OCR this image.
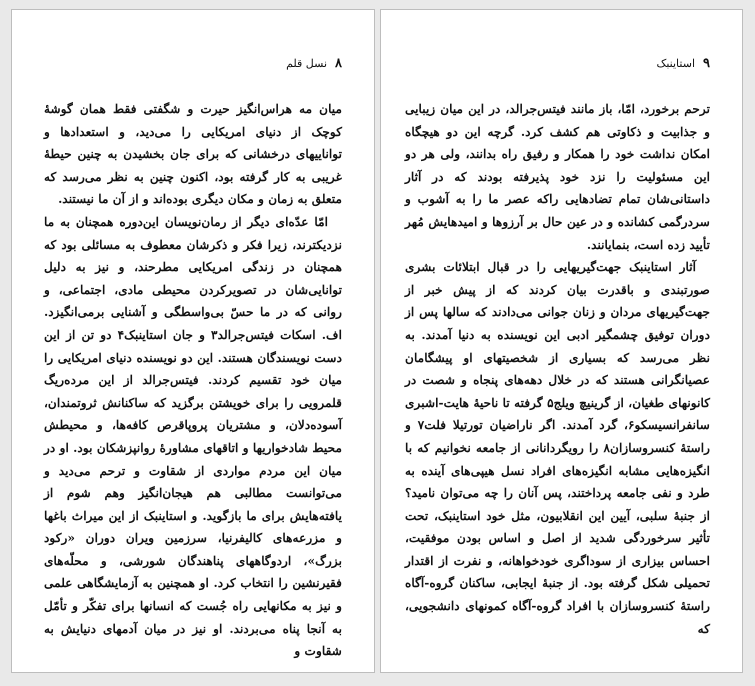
۸
نسل قلم

میان مه هراس‌انگیز حیرت و شگفتی فقط همان گوشهٔ کوچک از دنیای امریکایی را می‌دید، و استعدادها و تواناییهای درخشانی که برای جان بخشیدن به چنین حیطهٔ غریبی به کار گرفته بود، اکنون چنین به نظر می‌رسد که متعلق به زمان و مکان دیگری بوده‌اند و از آن ما نیستند.

امّا عدّه‌ای دیگر از رمان‌نویسان این‌دوره همچنان به ما نزدیکترند، زیرا فکر و ذکرشان معطوف به مسائلی بود که همچنان در زندگی امریکایی مطرحند، و نیز به دلیل توانایی‌شان در تصویرکردن محیطی مادی، اجتماعی، و روانی که در ما حسّ بی‌واسطگی و آشنایی برمی‌انگیزد. اف. اسکات فیتس‌جرالد۳ و جان استاینبک۴ دو تن از این دست نویسندگان هستند. این دو نویسنده دنیای امریکایی را میان خود تقسیم کردند. فیتس‌جرالد از این مرده‌ریگ قلمرویی را برای خویشتن برگزید که ساکنانش ثروتمندان، آسوده‌دلان، و مشتریان پروپاقرص کافه‌ها، و محیطش محیط شادخواریها و اتاقهای مشاورهٔ روانپزشکان بود. او در میان این مردم مواردی از شقاوت و ترحم می‌دید و می‌توانست مطالبی هم هیجان‌انگیز وهم شوم از یافته‌هایش برای ما بازگوید. و استاینبک از این میراث باغها و مزرعه‌های کالیفرنیا، سرزمین ویران دوران «رکود بزرگ»، اردوگاههای پناهندگان شورشی، و محلّه‌های فقیرنشین را انتخاب کرد. او همچنین به آزمایشگاهی علمی و نیز به مکانهایی راه جُست که انسانها برای تفکّر و تأمّل به آنجا پناه می‌بردند. او نیز در میان آدمهای دنیایش به شقاوت و

۹
استاینبک

ترحم برخورد، امّا، باز مانند فیتس‌جرالد، در این میان زیبایی و جذابیت و ذکاوتی هم کشف کرد. گرچه این دو هیچگاه امکان نداشت خود را همکار و رفیق راه بدانند، ولی هر دو این مسئولیت را نزد خود پذیرفته بودند که در آثار داستانی‌شان تمام تضادهایی راکه عصر ما را به آشوب و سردرگمی کشانده و در عین حال بر آرزوها و امیدهایش مُهر تأیید زده است، بنمایانند.

آثار استاینبک جهت‌گیریهایی را در قبال ابتلائات بشری صورتبندی و باقدرت بیان کردند که از پیش خبر از جهت‌گیریهای مردان و زنان جوانی می‌دادند که سالها پس از دوران توفیق چشمگیر ادبی این نویسنده به دنیا آمدند. به نظر می‌رسد که بسیاری از شخصیتهای او پیشگامان عصیانگرانی هستند که در خلال دهه‌های پنجاه و شصت در کانونهای طغیان، از گرینیچ ویلج۵ گرفته تا ناحیهٔ هایت-اشبری سانفرانسیسکو۶، گرد آمدند. اگر ناراضیان تورتیلا فلت۷ و راستهٔ کنسروسازان۸ را رویگردانانی از جامعه نخوانیم که با انگیزه‌هایی مشابه انگیزه‌های افراد نسل هیپی‌های آینده به طرد و نفی جامعه پرداختند، پس آنان را چه می‌توان نامید؟ از جنبهٔ سلبی، آیین این انقلابیون، مثل خود استاینبک، تحت تأثیر سرخوردگی شدید از اصل و اساس بودن موفقیت، احساس بیزاری از سوداگری خودخواهانه، و نفرت از اقتدار تحمیلی شکل گرفته بود. از جنبهٔ ایجابی، ساکنان گروه-آگاه راستهٔ کنسروسازان با افراد گروه-آگاه کمونهای دانشجویی، که
